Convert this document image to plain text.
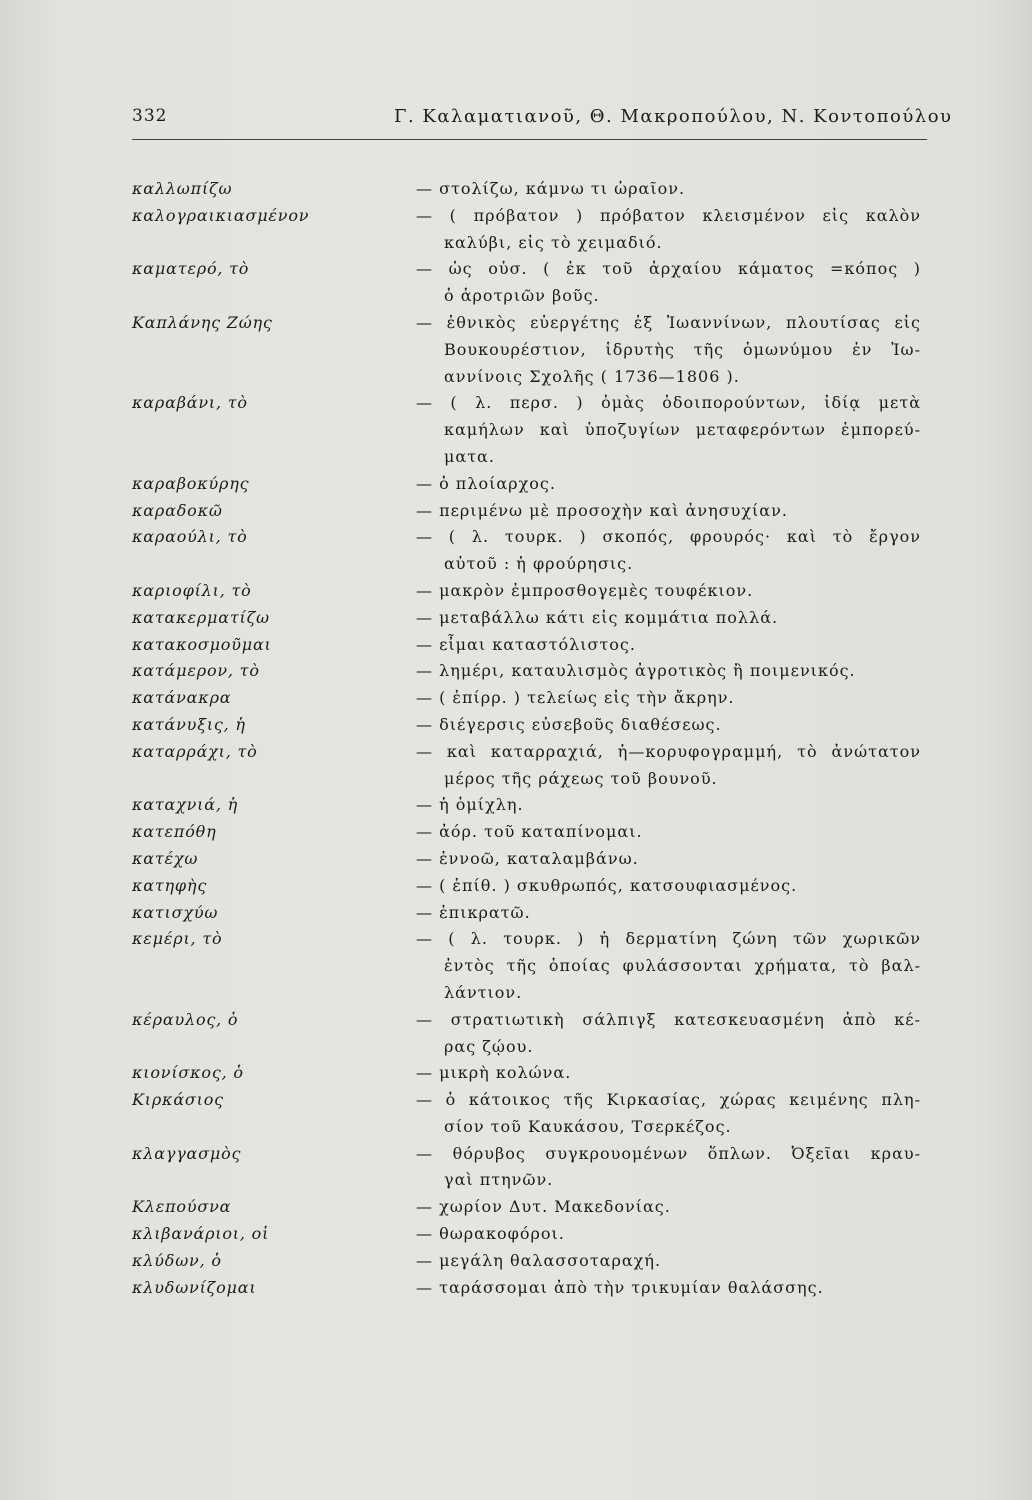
332	Γ. Καλαματιανοῦ, Θ. Μακροπούλου, Ν. Κοντοπούλου
καλλωπίζω	— στολίζω, κάμνω τι ὡραῖον.
καλογραικιασμένον	— ( πρόβατον ) πρόβατον κλεισμένον εἰς καλὸν
καλύβι, εἰς τὸ χειμαδιό.
καματερό, τὸ	— ὡς οὐσ. ( ἐκ τοῦ ἀρχαίου κάματος =κόπος )
ὁ ἀροτριῶν βοῦς.
Καπλάνης Ζώης	— ἐθνικὸς εὐεργέτης ἐξ Ἰωαννίνων, πλουτίσας εἰς
Βουκουρέστιον, ἱδρυτὴς τῆς ὁμωνύμου ἐν Ἰω-
αννίνοις Σχολῆς ( 1736—1806 ).
καραβάνι, τὸ	— ( λ. περσ. ) ὁμὰς ὁδοιπορούντων, ἰδίᾳ μετὰ
καμήλων καὶ ὑποζυγίων μεταφερόντων ἐμπορεύ-
ματα.
καραβοκύρης	— ὁ πλοίαρχος.
καραδοκῶ	— περιμένω μὲ προσοχὴν καὶ ἀνησυχίαν.
καραούλι, τὸ	— ( λ. τουρκ. ) σκοπός, φρουρός· καὶ τὸ ἔργον
αὐτοῦ : ἡ φρούρησις.
καριοφίλι, τὸ	— μακρὸν ἐμπροσθογεμὲς τουφέκιον.
κατακερματίζω	— μεταβάλλω κάτι εἰς κομμάτια πολλά.
κατακοσμοῦμαι	— εἶμαι καταστόλιστος.
κατάμερον, τὸ	— λημέρι, καταυλισμὸς ἀγροτικὸς ἢ ποιμενικός.
κατάνακρα	— ( ἐπίρρ. ) τελείως εἰς τὴν ἄκρην.
κατάνυξις, ἡ	— διέγερσις εὐσεβοῦς διαθέσεως.
καταρράχι, τὸ	— καὶ καταρραχιά, ἡ—κορυφογραμμή, τὸ ἀνώτατον
μέρος τῆς ράχεως τοῦ βουνοῦ.
καταχνιά, ἡ	— ἡ ὁμίχλη.
κατεπόθη	— ἀόρ. τοῦ καταπίνομαι.
κατέχω	— ἐννοῶ, καταλαμβάνω.
κατηφὴς	— ( ἐπίθ. ) σκυθρωπός, κατσουφιασμένος.
κατισχύω	— ἐπικρατῶ.
κεμέρι, τὸ	— ( λ. τουρκ. ) ἡ δερματίνη ζώνη τῶν χωρικῶν
ἐντὸς τῆς ὁποίας φυλάσσονται χρήματα, τὸ βαλ-
λάντιον.
κέραυλος, ὁ	— στρατιωτικὴ σάλπιγξ κατεσκευασμένη ἀπὸ κέ-
ρας ζῴου.
κιονίσκος, ὁ	— μικρὴ κολώνα.
Κιρκάσιος	— ὁ κάτοικος τῆς Κιρκασίας, χώρας κειμένης πλη-
σίον τοῦ Καυκάσου, Τσερκέζος.
κλαγγασμὸς	— θόρυβος συγκρουομένων ὅπλων. Ὀξεῖαι κραυ-
γαὶ πτηνῶν.
Κλεπούσνα	— χωρίον Δυτ. Μακεδονίας.
κλιβανάριοι, οἱ	— θωρακοφόροι.
κλύδων, ὁ	— μεγάλη θαλασσοταραχή.
κλυδωνίζομαι	— ταράσσομαι ἀπὸ τὴν τρικυμίαν θαλάσσης.
